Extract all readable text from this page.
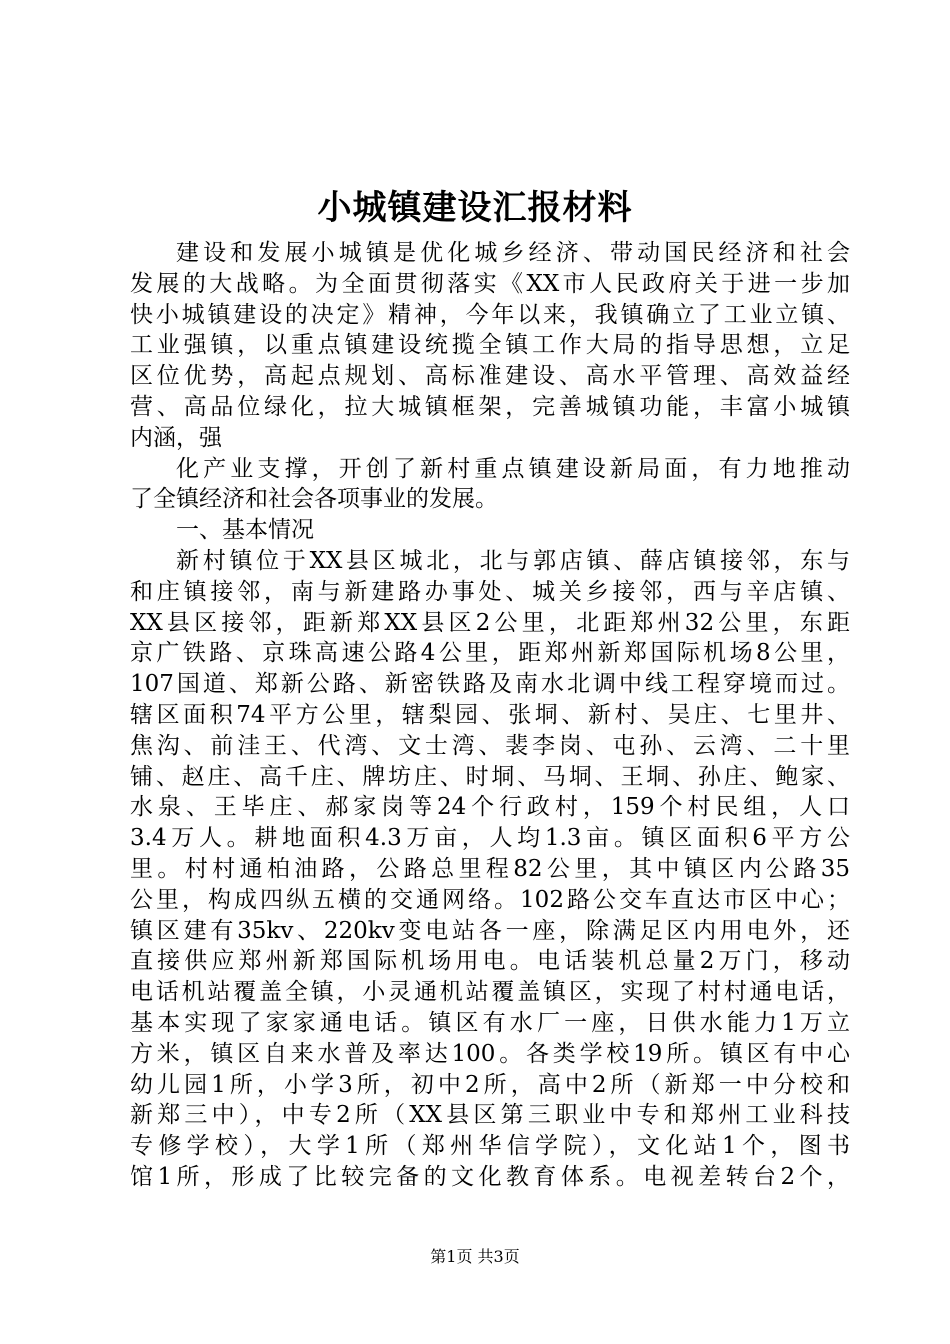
小城镇建设汇报材料
建设和发展小城镇是优化城乡经济、带动国民经济和社会
发展的大战略。为全面贯彻落实《XX市人民政府关于进一步加
快小城镇建设的决定》精神，今年以来，我镇确立了工业立镇、
工业强镇，以重点镇建设统揽全镇工作大局的指导思想，立足
区位优势，高起点规划、高标准建设、高水平管理、高效益经
营、高品位绿化，拉大城镇框架，完善城镇功能，丰富小城镇
内涵，强
化产业支撑，开创了新村重点镇建设新局面，有力地推动
了全镇经济和社会各项事业的发展。
一、基本情况
新村镇位于XX县区城北，北与郭店镇、薛店镇接邻，东与
和庄镇接邻，南与新建路办事处、城关乡接邻，西与辛店镇、
XX县区接邻，距新郑XX县区2公里，北距郑州32公里，东距
京广铁路、京珠高速公路4公里，距郑州新郑国际机场8公里，
107国道、郑新公路、新密铁路及南水北调中线工程穿境而过。
辖区面积74平方公里，辖梨园、张垌、新村、吴庄、七里井、
焦沟、前洼王、代湾、文士湾、裴李岗、屯孙、云湾、二十里
铺、赵庄、高千庄、牌坊庄、时垌、马垌、王垌、孙庄、鲍家、
水泉、王毕庄、郝家岗等24个行政村，159个村民组，人口
3.4万人。耕地面积4.3万亩，人均1.3亩。镇区面积6平方公
里。村村通柏油路，公路总里程82公里，其中镇区内公路35
公里，构成四纵五横的交通网络。102路公交车直达市区中心；
镇区建有35kv、220kv变电站各一座，除满足区内用电外，还
直接供应郑州新郑国际机场用电。电话装机总量2万门，移动
电话机站覆盖全镇，小灵通机站覆盖镇区，实现了村村通电话，
基本实现了家家通电话。镇区有水厂一座，日供水能力1万立
方米，镇区自来水普及率达100。各类学校19所。镇区有中心
幼儿园1所，小学3所，初中2所，高中2所（新郑一中分校和
新郑三中），中专2所（XX县区第三职业中专和郑州工业科技
专修学校），大学1所（郑州华信学院），文化站1个，图书
馆1所，形成了比较完备的文化教育体系。电视差转台2个，
第1页 共3页
